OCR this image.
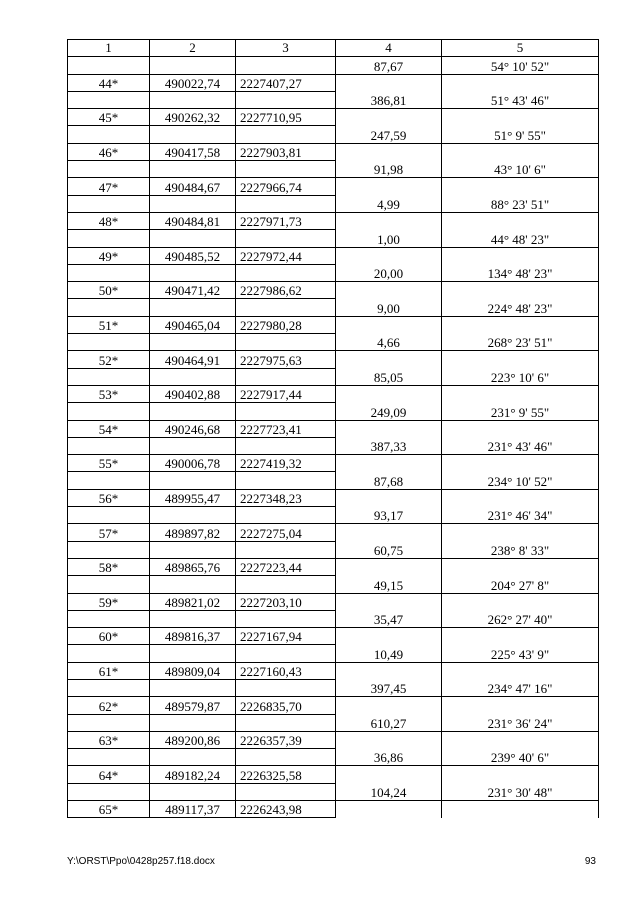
1	2	3	4	5
			87,67	54° 10' 52"
44*	490022,74	2227407,27		
			386,81	51° 43' 46"
45*	490262,32	2227710,95		
			247,59	51° 9' 55"
46*	490417,58	2227903,81		
			91,98	43° 10' 6"
47*	490484,67	2227966,74		
			4,99	88° 23' 51"
48*	490484,81	2227971,73		
			1,00	44° 48' 23"
49*	490485,52	2227972,44		
			20,00	134° 48' 23"
50*	490471,42	2227986,62		
			9,00	224° 48' 23"
51*	490465,04	2227980,28		
			4,66	268° 23' 51"
52*	490464,91	2227975,63		
			85,05	223° 10' 6"
53*	490402,88	2227917,44		
			249,09	231° 9' 55"
54*	490246,68	2227723,41		
			387,33	231° 43' 46"
55*	490006,78	2227419,32		
			87,68	234° 10' 52"
56*	489955,47	2227348,23		
			93,17	231° 46' 34"
57*	489897,82	2227275,04		
			60,75	238° 8' 33"
58*	489865,76	2227223,44		
			49,15	204° 27' 8"
59*	489821,02	2227203,10		
			35,47	262° 27' 40"
60*	489816,37	2227167,94		
			10,49	225° 43' 9"
61*	489809,04	2227160,43		
			397,45	234° 47' 16"
62*	489579,87	2226835,70		
			610,27	231° 36' 24"
63*	489200,86	2226357,39		
			36,86	239° 40' 6"
64*	489182,24	2226325,58		
			104,24	231° 30' 48"
65*	489117,37	2226243,98		
Y:\ORST\Ppo\0428p257.f18.docx	93
